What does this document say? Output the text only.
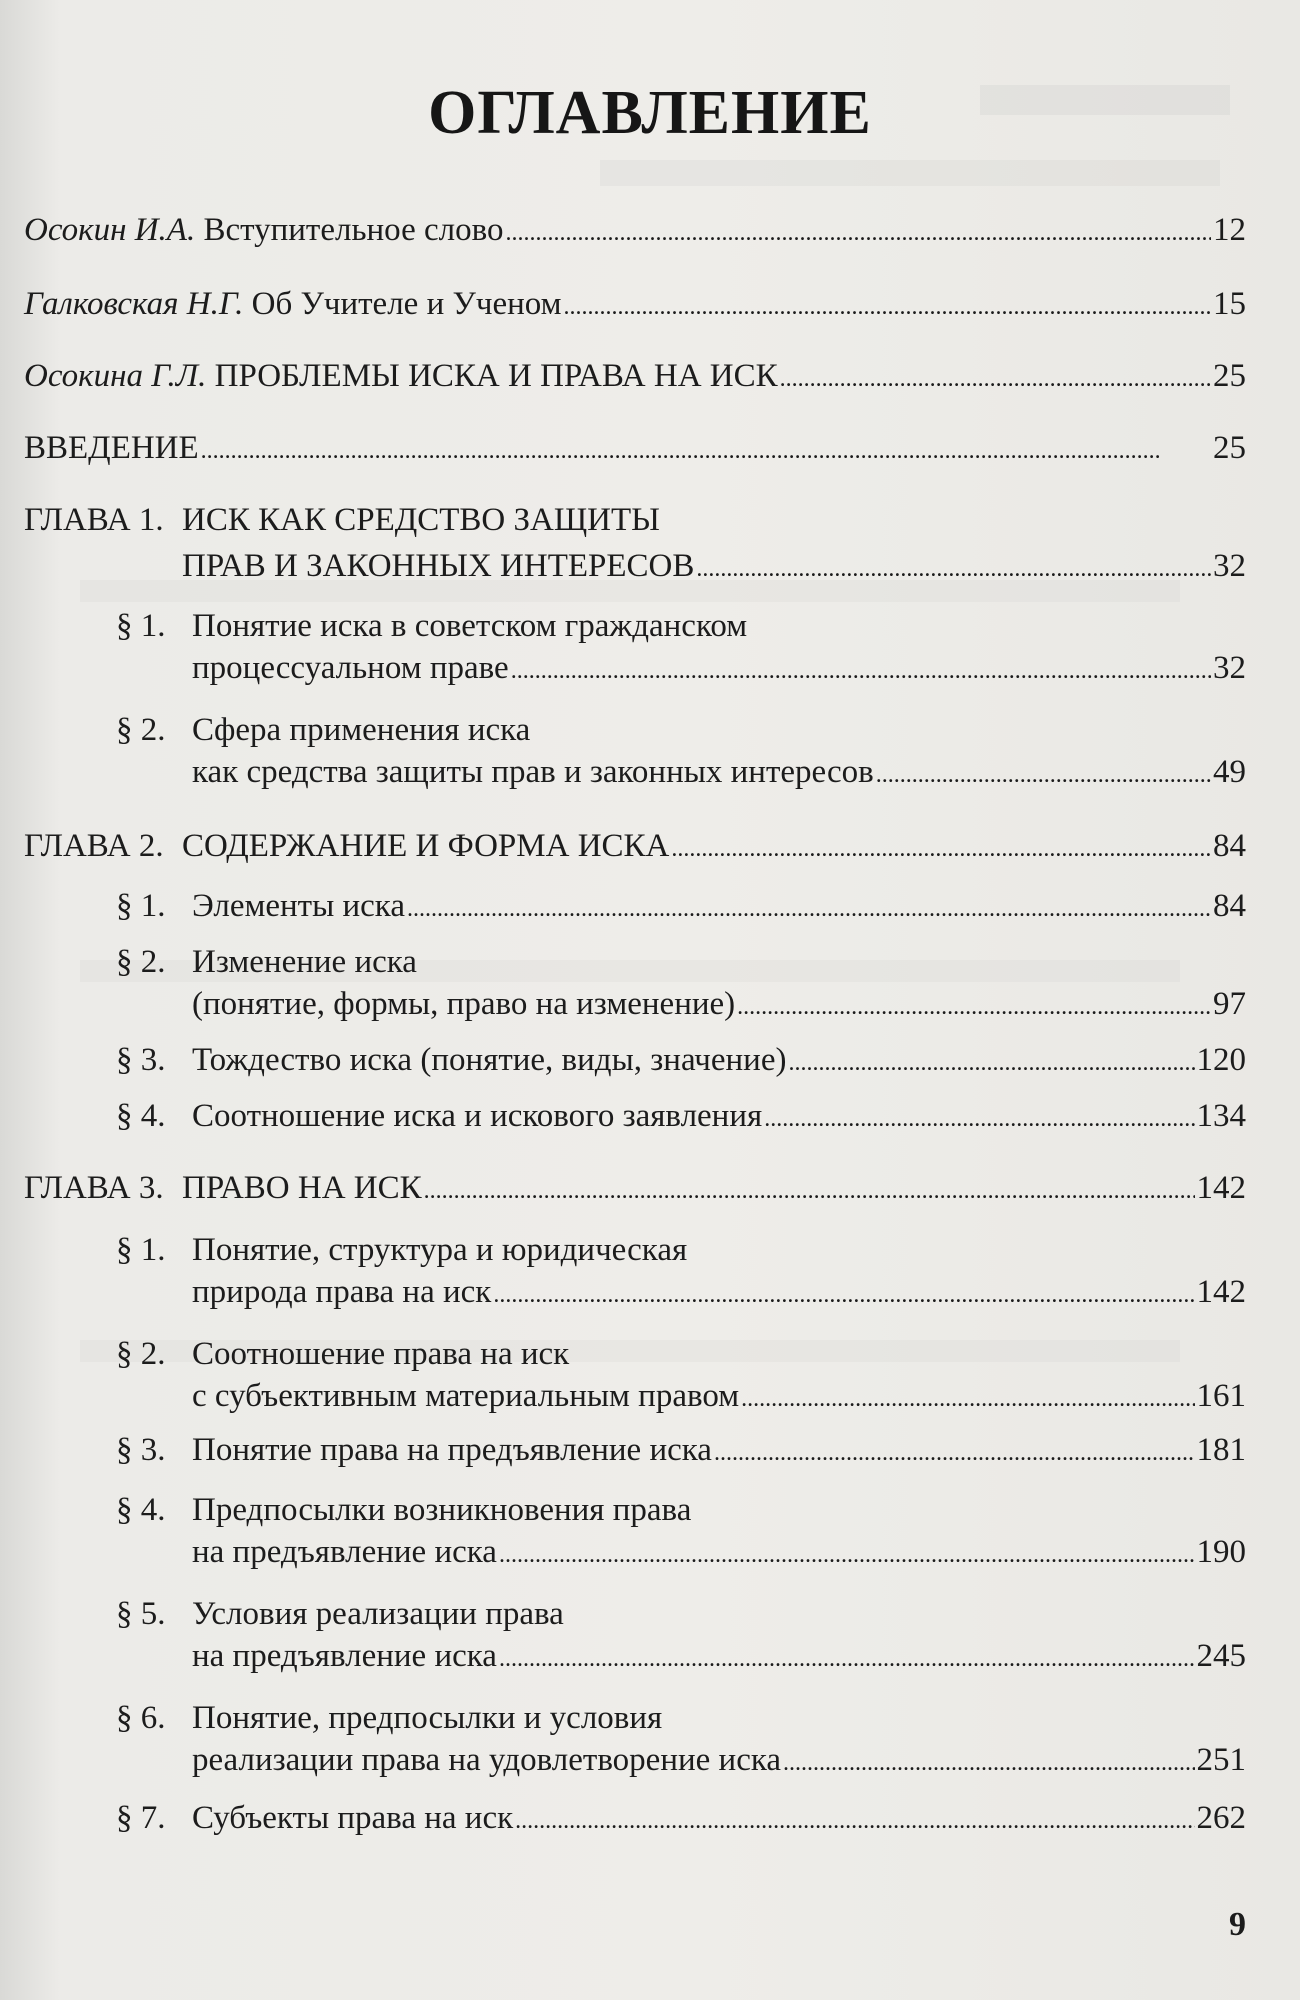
ОГЛАВЛЕНИЕ
Осокин И.А. Вступительное слово . . .	12
Галковская Н.Г. Об Учителе и Ученом . . .	15
Осокина Г.Л. ПРОБЛЕМЫ ИСКА И ПРАВА НА ИСК . . .	25
ВВЕДЕНИЕ . . .	25
ГЛАВА 1. ИСК КАК СРЕДСТВО ЗАЩИТЫ
ПРАВ И ЗАКОННЫХ ИНТЕРЕСОВ . . .	32
§ 1. Понятие иска в советском гражданском
процессуальном праве . . .	32
§ 2. Сфера применения иска
как средства защиты прав и законных интересов . . .	49
ГЛАВА 2. СОДЕРЖАНИЕ И ФОРМА ИСКА . . .	84
§ 1. Элементы иска . . .	84
§ 2. Изменение иска
(понятие, формы, право на изменение) . . .	97
§ 3. Тождество иска (понятие, виды, значение) . . .	120
§ 4. Соотношение иска и искового заявления . . .	134
ГЛАВА 3. ПРАВО НА ИСК . . .	142
§ 1. Понятие, структура и юридическая
природа права на иск . . .	142
§ 2. Соотношение права на иск
с субъективным материальным правом . . .	161
§ 3. Понятие права на предъявление иска . . .	181
§ 4. Предпосылки возникновения права
на предъявление иска . . .	190
§ 5. Условия реализации права
на предъявление иска . . .	245
§ 6. Понятие, предпосылки и условия
реализации права на удовлетворение иска . . .	251
§ 7. Субъекты права на иск . . .	262
9
